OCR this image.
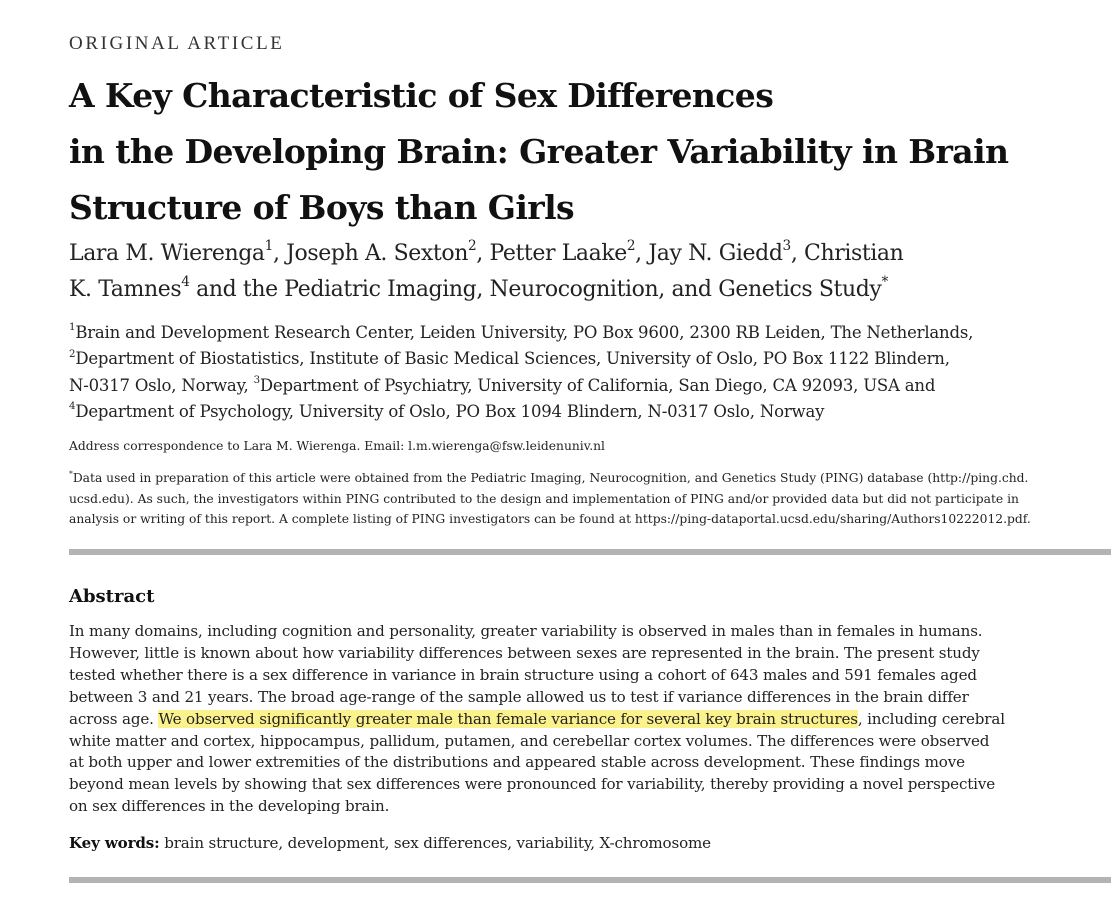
ORIGINAL ARTICLE

A Key Characteristic of Sex Differences
in the Developing Brain: Greater Variability in Brain
Structure of Boys than Girls

Lara M. Wierenga$^1$, Joseph A. Sexton$^2$, Petter Laake$^2$, Jay N. Giedd$^3$, Christian
K. Tamnes$^4$ and the Pediatric Imaging, Neurocognition, and Genetics Study*

$^1$Brain and Development Research Center, Leiden University, PO Box 9600, 2300 RB Leiden, The Netherlands,
$^2$Department of Biostatistics, Institute of Basic Medical Sciences, University of Oslo, PO Box 1122 Blindern,
N-0317 Oslo, Norway, $^3$Department of Psychiatry, University of California, San Diego, CA 92093, USA and
$^4$Department of Psychology, University of Oslo, PO Box 1094 Blindern, N-0317 Oslo, Norway

Address correspondence to Lara M. Wierenga. Email: l.m.wierenga@fsw.leidenuniv.nl

*Data used in preparation of this article were obtained from the Pediatric Imaging, Neurocognition, and Genetics Study (PING) database (http://ping.chd.
ucsd.edu). As such, the investigators within PING contributed to the design and implementation of PING and/or provided data but did not participate in
analysis or writing of this report. A complete listing of PING investigators can be found at https://ping-dataportal.ucsd.edu/sharing/Authors10222012.pdf.

Abstract

In many domains, including cognition and personality, greater variability is observed in males than in females in humans.
However, little is known about how variability differences between sexes are represented in the brain. The present study
tested whether there is a sex difference in variance in brain structure using a cohort of 643 males and 591 females aged
between 3 and 21 years. The broad age-range of the sample allowed us to test if variance differences in the brain differ
across age. We observed significantly greater male than female variance for several key brain structures, including cerebral
white matter and cortex, hippocampus, pallidum, putamen, and cerebellar cortex volumes. The differences were observed
at both upper and lower extremities of the distributions and appeared stable across development. These findings move
beyond mean levels by showing that sex differences were pronounced for variability, thereby providing a novel perspective
on sex differences in the developing brain.

Key words: brain structure, development, sex differences, variability, X-chromosome
